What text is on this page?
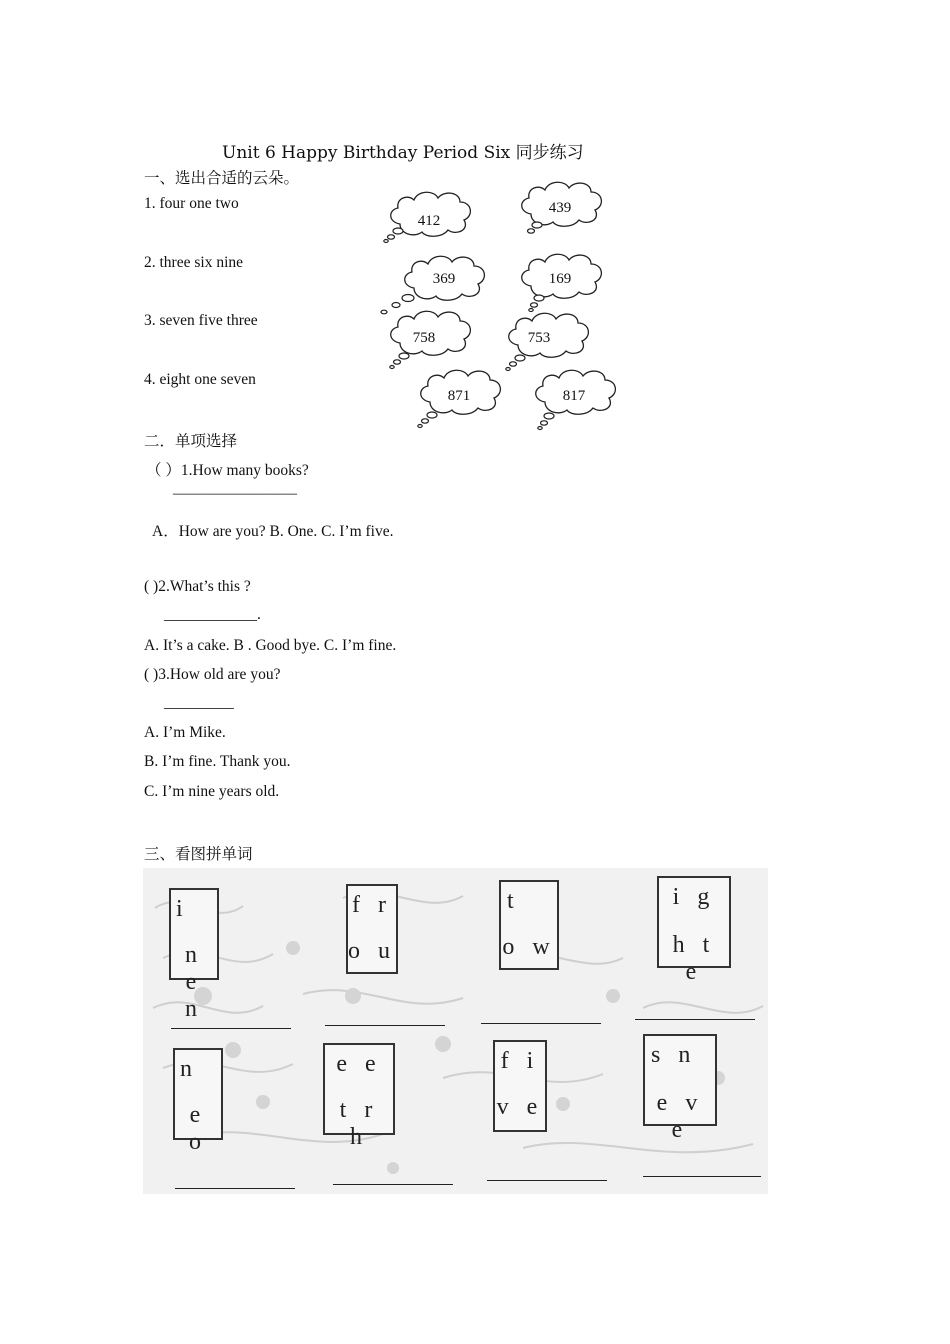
Unit 6 Happy Birthday Period Six 同步练习
一、选出合适的云朵。
1. four one two
2. three six nine
3. seven five three
4. eight one seven
412
439
369	169
758	753
871	817
二．单项选择
（ ）1.How many books?
————————
A．How are you? B. One. C. I’m five.
( )2.What’s this ?
____________.
A. It’s a cake. B . Good bye. C. I’m fine.
( )3.How old are you?
_________
A. I’m Mike.
B. I’m fine. Thank you.
C. I’m nine years old.
三、看图拼单词
i
n e n
f r
o u
t
o w
i g
h t e
n
e o
e e
t r h
f i
v e
s n
e v e
